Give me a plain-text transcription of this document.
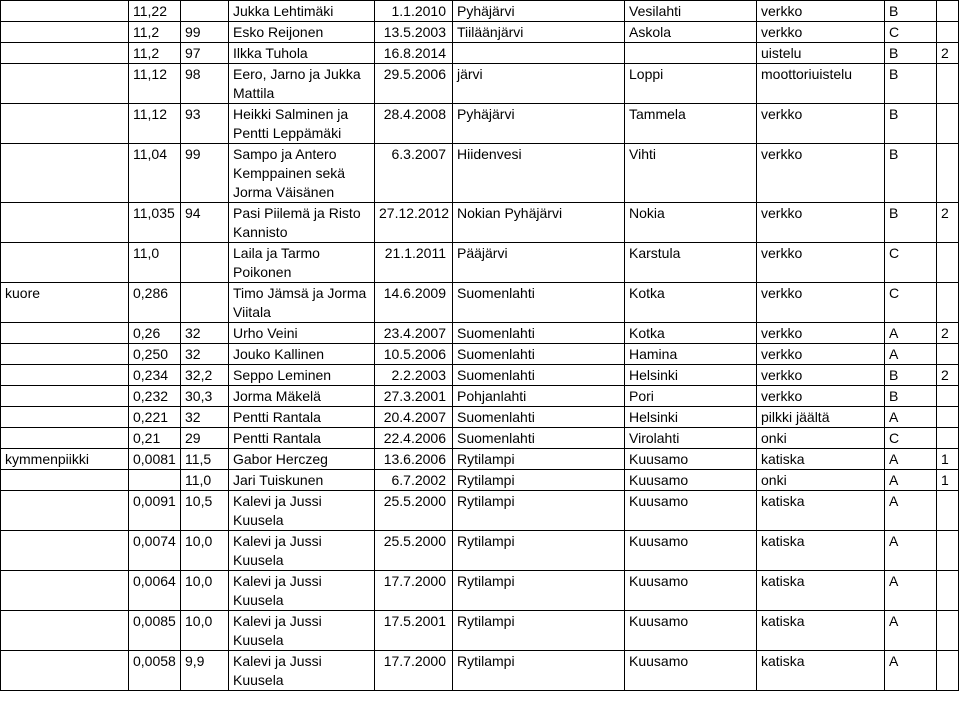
	11,22		Jukka Lehtimäki	1.1.2010	Pyhäjärvi	Vesilahti	verkko	B	
	11,2	99	Esko Reijonen	13.5.2003	Tiiläänjärvi	Askola	verkko	C	
	11,2	97	Ilkka Tuhola	16.8.2014			uistelu	B	2
	11,12	98	Eero, Jarno ja Jukka Mattila	29.5.2006	järvi	Loppi	moottoriuistelu	B	
	11,12	93	Heikki Salminen ja Pentti Leppämäki	28.4.2008	Pyhäjärvi	Tammela	verkko	B	
	11,04	99	Sampo ja Antero Kemppainen sekä Jorma Väisänen	6.3.2007	Hiidenvesi	Vihti	verkko	B	
	11,035	94	Pasi Piilemä ja Risto Kannisto	27.12.2012	Nokian Pyhäjärvi	Nokia	verkko	B	2
	11,0		Laila ja Tarmo Poikonen	21.1.2011	Pääjärvi	Karstula	verkko	C	
kuore	0,286		Timo Jämsä ja Jorma Viitala	14.6.2009	Suomenlahti	Kotka	verkko	C	
	0,26	32	Urho Veini	23.4.2007	Suomenlahti	Kotka	verkko	A	2
	0,250	32	Jouko Kallinen	10.5.2006	Suomenlahti	Hamina	verkko	A	
	0,234	32,2	Seppo Leminen	2.2.2003	Suomenlahti	Helsinki	verkko	B	2
	0,232	30,3	Jorma Mäkelä	27.3.2001	Pohjanlahti	Pori	verkko	B	
	0,221	32	Pentti Rantala	20.4.2007	Suomenlahti	Helsinki	pilkki jäältä	A	
	0,21	29	Pentti Rantala	22.4.2006	Suomenlahti	Virolahti	onki	C	
kymmenpiikki	0,0081	11,5	Gabor Herczeg	13.6.2006	Rytilampi	Kuusamo	katiska	A	1
		11,0	Jari Tuiskunen	6.7.2002	Rytilampi	Kuusamo	onki	A	1
	0,0091	10,5	Kalevi ja Jussi Kuusela	25.5.2000	Rytilampi	Kuusamo	katiska	A	
	0,0074	10,0	Kalevi ja Jussi Kuusela	25.5.2000	Rytilampi	Kuusamo	katiska	A	
	0,0064	10,0	Kalevi ja Jussi Kuusela	17.7.2000	Rytilampi	Kuusamo	katiska	A	
	0,0085	10,0	Kalevi ja Jussi Kuusela	17.5.2001	Rytilampi	Kuusamo	katiska	A	
	0,0058	9,9	Kalevi ja Jussi Kuusela	17.7.2000	Rytilampi	Kuusamo	katiska	A	
